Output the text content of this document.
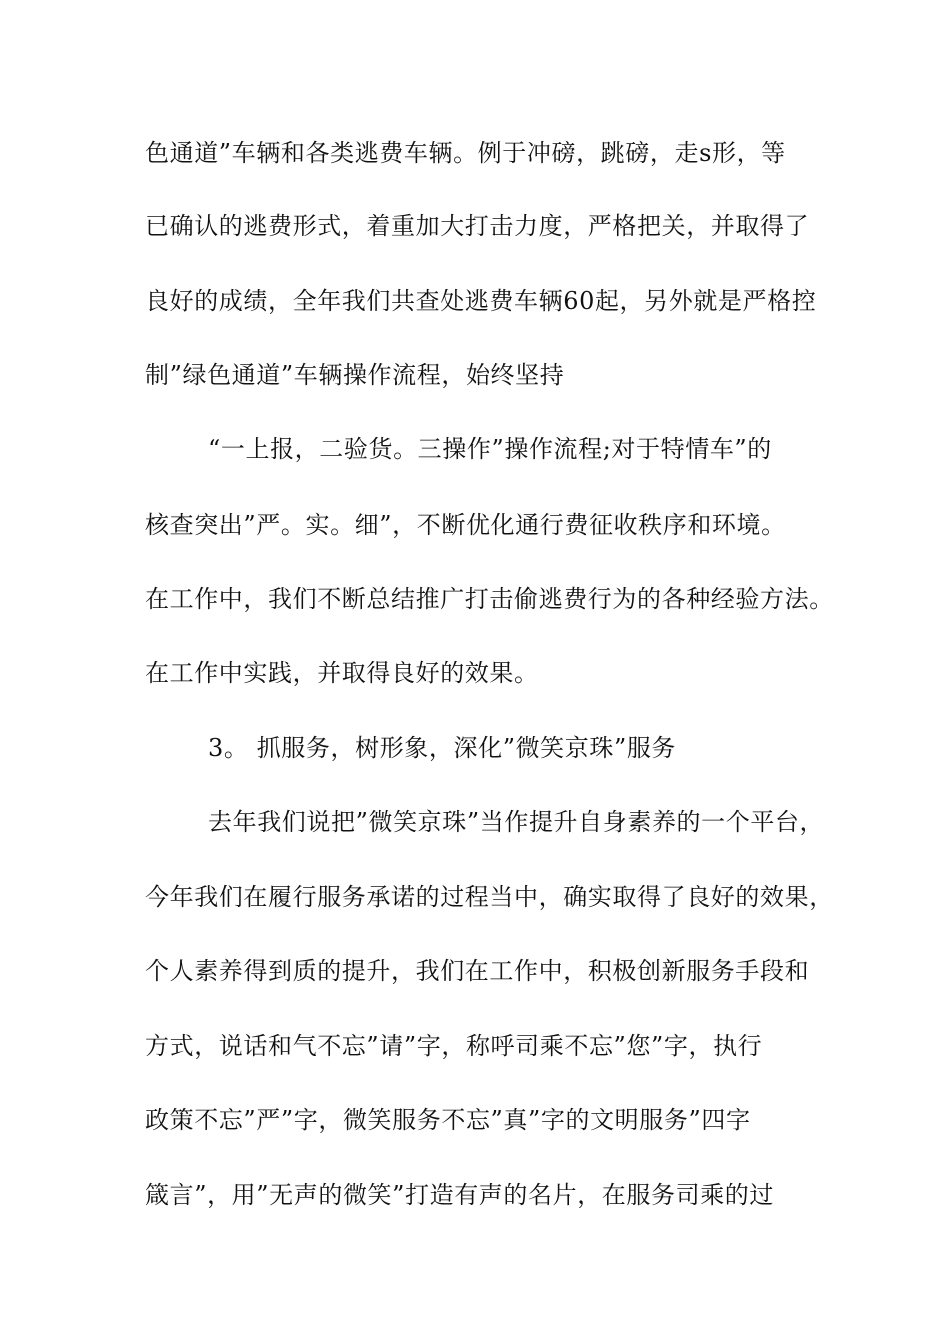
色通道”车辆和各类逃费车辆。例于冲磅，跳磅，走s形，等
已确认的逃费形式，着重加大打击力度，严格把关，并取得了
良好的成绩，全年我们共查处逃费车辆60起，另外就是严格控
制”绿色通道”车辆操作流程，始终坚持
“一上报，二验货。三操作”操作流程;对于特情车”的
核查突出”严。实。细”，不断优化通行费征收秩序和环境。
在工作中，我们不断总结推广打击偷逃费行为的各种经验方法。
在工作中实践，并取得良好的效果。
3。 抓服务，树形象，深化”微笑京珠”服务
去年我们说把”微笑京珠”当作提升自身素养的一个平台，
今年我们在履行服务承诺的过程当中，确实取得了良好的效果，
个人素养得到质的提升，我们在工作中，积极创新服务手段和
方式，说话和气不忘”请”字，称呼司乘不忘”您”字，执行
政策不忘”严”字，微笑服务不忘”真”字的文明服务”四字
箴言”，用”无声的微笑”打造有声的名片，在服务司乘的过
